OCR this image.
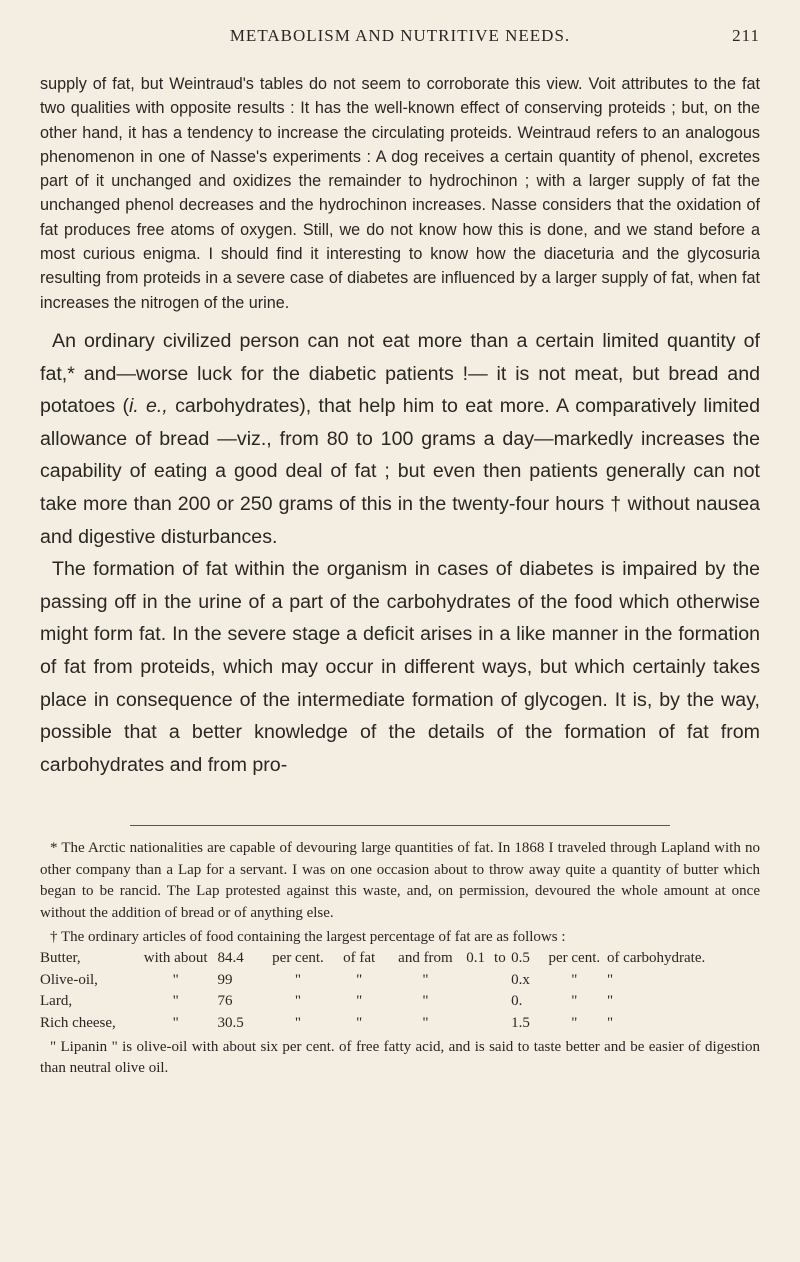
METABOLISM AND NUTRITIVE NEEDS.	211

supply of fat, but Weintraud's tables do not seem to corroborate this view. Voit attributes to the fat two qualities with opposite results : It has the well-known effect of conserving proteids ; but, on the other hand, it has a tendency to increase the circulating proteids. Weintraud refers to an analogous phenomenon in one of Nasse's experiments : A dog receives a certain quantity of phenol, excretes part of it unchanged and oxidizes the remainder to hydrochinon ; with a larger supply of fat the unchanged phenol decreases and the hydrochinon increases. Nasse considers that the oxidation of fat produces free atoms of oxygen. Still, we do not know how this is done, and we stand before a most curious enigma. I should find it interesting to know how the diaceturia and the glycosuria resulting from proteids in a severe case of diabetes are influenced by a larger supply of fat, when fat increases the nitrogen of the urine.

An ordinary civilized person can not eat more than a certain limited quantity of fat,* and—worse luck for the diabetic patients !— it is not meat, but bread and potatoes (i. e., carbohydrates), that help him to eat more. A comparatively limited allowance of bread —viz., from 80 to 100 grams a day—markedly increases the capability of eating a good deal of fat ; but even then patients generally can not take more than 200 or 250 grams of this in the twenty-four hours † without nausea and digestive disturbances.

The formation of fat within the organism in cases of diabetes is impaired by the passing off in the urine of a part of the carbohydrates of the food which otherwise might form fat. In the severe stage a deficit arises in a like manner in the formation of fat from proteids, which may occur in different ways, but which certainly takes place in consequence of the intermediate formation of glycogen. It is, by the way, possible that a better knowledge of the details of the formation of fat from carbohydrates and from pro-

* The Arctic nationalities are capable of devouring large quantities of fat. In 1868 I traveled through Lapland with no other company than a Lap for a servant. I was on one occasion about to throw away quite a quantity of butter which began to be rancid. The Lap protested against this waste, and, on permission, devoured the whole amount at once without the addition of bread or of anything else.

† The ordinary articles of food containing the largest percentage of fat are as follows :

Butter,	with about	84.4	per cent.	of fat	and from	0.1	to	0.5	per cent.	of carbohydrate.
Olive-oil,	"	99	"	"	"			0.x	"	"
Lard,	"	76	"	"	"			0.	"	"
Rich cheese,	"	30.5	"	"	"			1.5	"	"

" Lipanin " is olive-oil with about six per cent. of free fatty acid, and is said to taste better and be easier of digestion than neutral olive oil.
